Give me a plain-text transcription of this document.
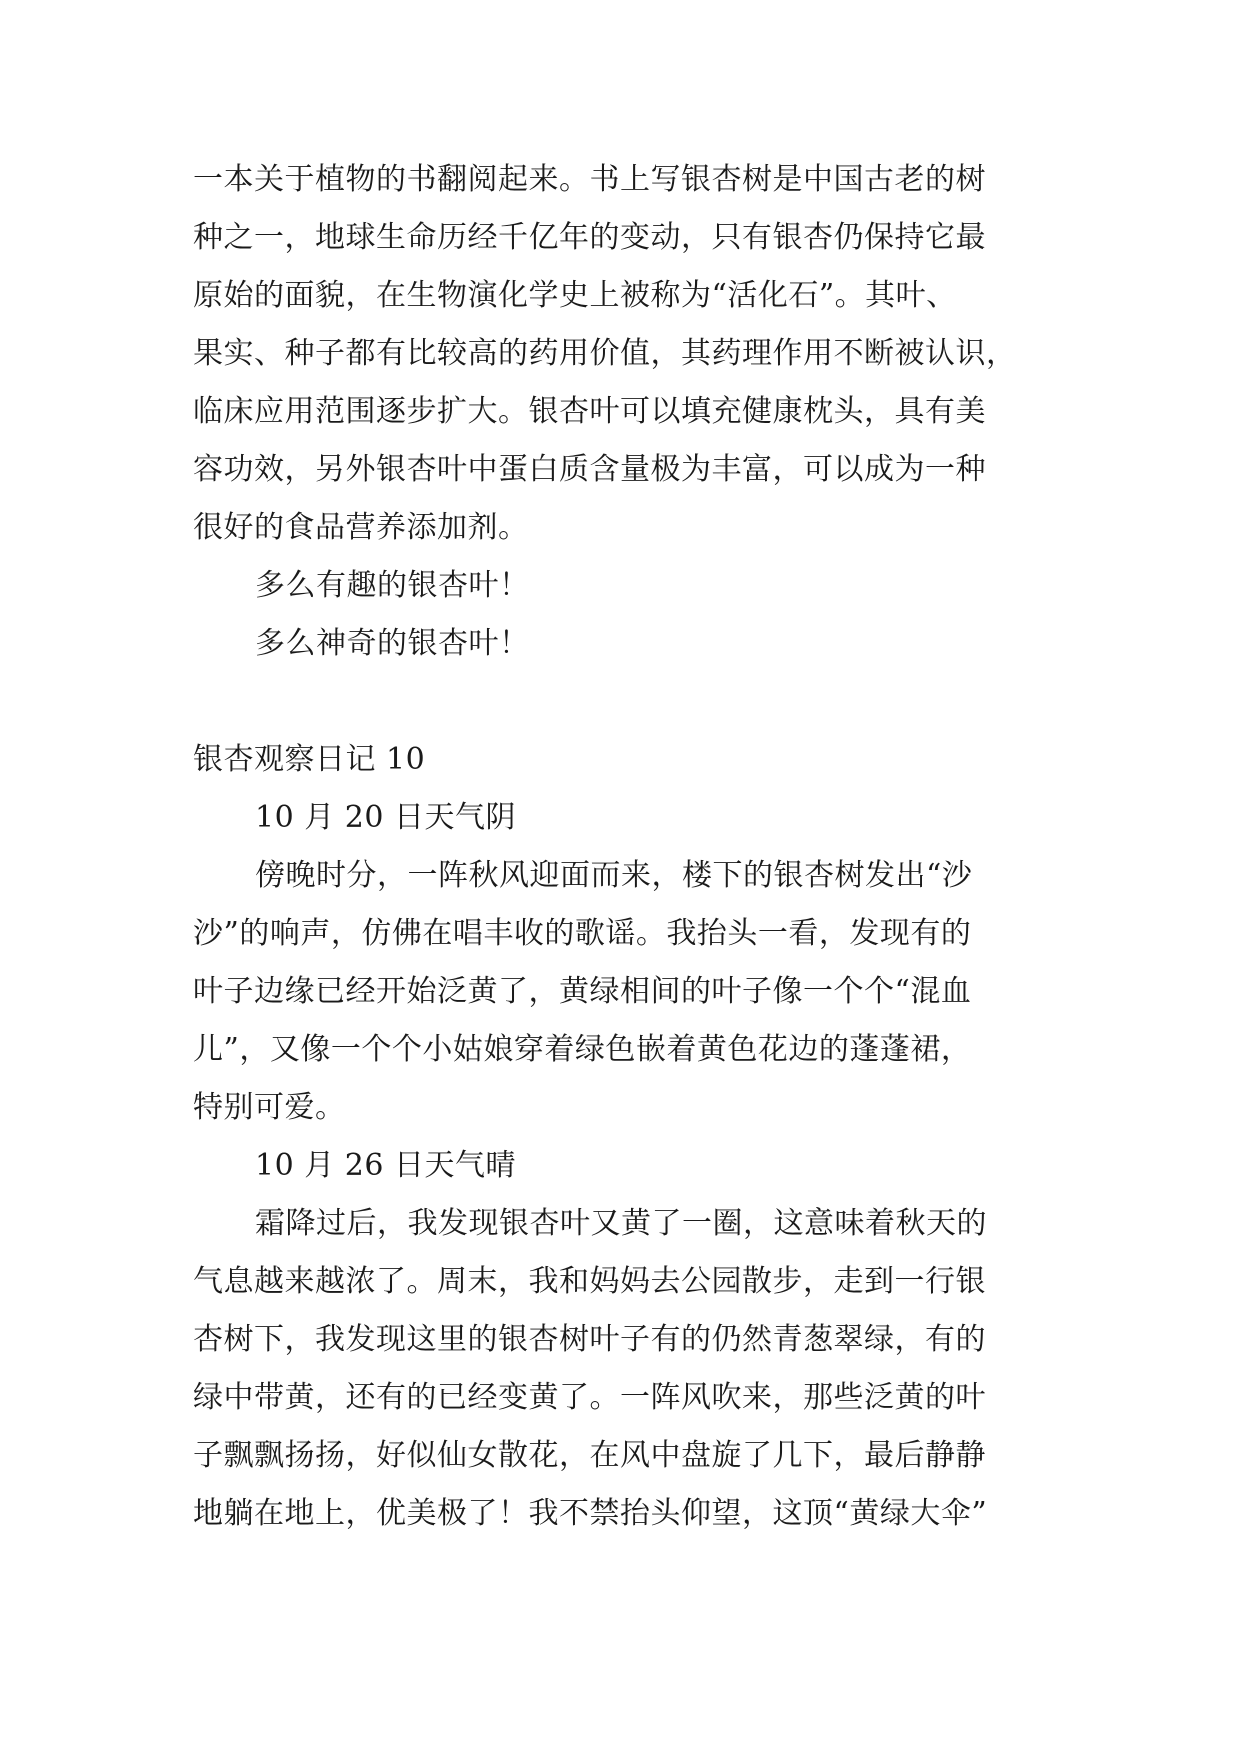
一本关于植物的书翻阅起来。书上写银杏树是中国古老的树
种之一，地球生命历经千亿年的变动，只有银杏仍保持它最
原始的面貌，在生物演化学史上被称为“活化石”。其叶、
果实、种子都有比较高的药用价值，其药理作用不断被认识，
临床应用范围逐步扩大。银杏叶可以填充健康枕头，具有美
容功效，另外银杏叶中蛋白质含量极为丰富，可以成为一种
很好的食品营养添加剂。
多么有趣的银杏叶！
多么神奇的银杏叶！
银杏观察日记 10
10 月 20 日天气阴
傍晚时分，一阵秋风迎面而来，楼下的银杏树发出“沙
沙”的响声，仿佛在唱丰收的歌谣。我抬头一看，发现有的
叶子边缘已经开始泛黄了，黄绿相间的叶子像一个个“混血
儿”，又像一个个小姑娘穿着绿色嵌着黄色花边的蓬蓬裙，
特别可爱。
10 月 26 日天气晴
霜降过后，我发现银杏叶又黄了一圈，这意味着秋天的
气息越来越浓了。周末，我和妈妈去公园散步，走到一行银
杏树下，我发现这里的银杏树叶子有的仍然青葱翠绿，有的
绿中带黄，还有的已经变黄了。一阵风吹来，那些泛黄的叶
子飘飘扬扬，好似仙女散花，在风中盘旋了几下，最后静静
地躺在地上，优美极了！我不禁抬头仰望，这顶“黄绿大伞”
